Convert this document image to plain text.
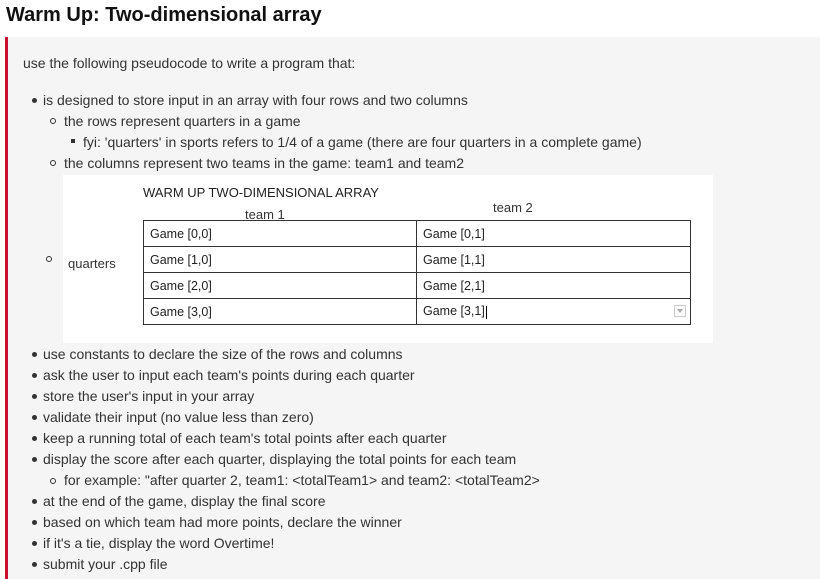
Warm Up: Two-dimensional array
use the following pseudocode to write a program that:
is designed to store input in an array with four rows and two columns
the rows represent quarters in a game
fyi: 'quarters' in sports refers to 1/4 of a game (there are four quarters in a complete game)
the columns represent two teams in the game: team1 and team2
WARM UP TWO-DIMENSIONAL ARRAY
team 1	team 2
quarters
Game [0,0]	Game [0,1]
Game [1,0]	Game [1,1]
Game [2,0]	Game [2,1]
Game [3,0]	Game [3,1]
use constants to declare the size of the rows and columns
ask the user to input each team's points during each quarter
store the user's input in your array
validate their input (no value less than zero)
keep a running total of each team's total points after each quarter
display the score after each quarter, displaying the total points for each team
for example: "after quarter 2, team1: <totalTeam1> and team2: <totalTeam2>
at the end of the game, display the final score
based on which team had more points, declare the winner
if it's a tie, display the word Overtime!
submit your .cpp file
